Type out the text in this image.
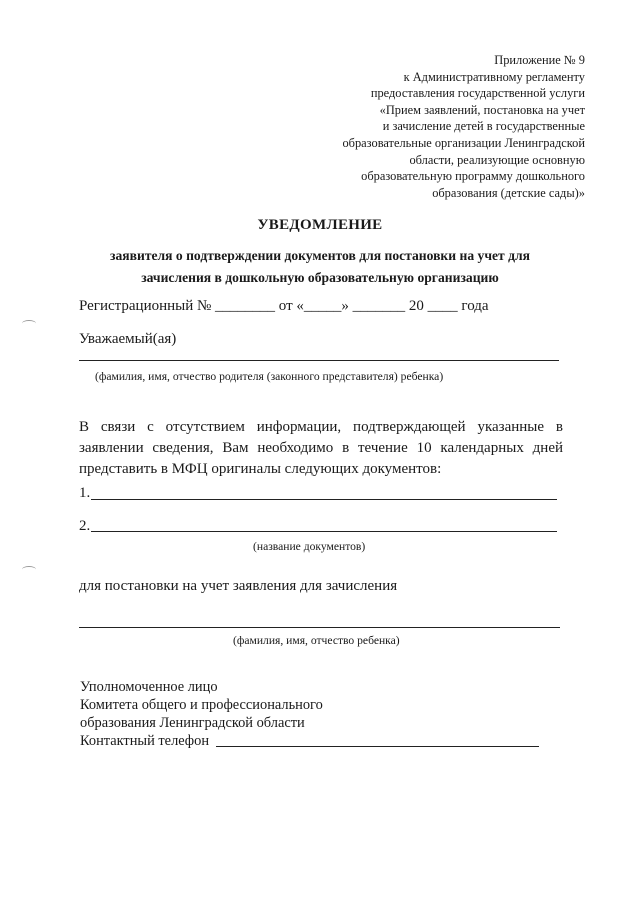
Приложение № 9
к Административному регламенту
предоставления государственной услуги
«Прием заявлений, постановка на учет
и зачисление детей в государственные
образовательные организации Ленинградской
области, реализующие основную
образовательную программу дошкольного
образования (детские сады)»
УВЕДОМЛЕНИЕ
заявителя о подтверждении документов для постановки на учет для
зачисления в дошкольную образовательную организацию
Регистрационный № ________ от «_____» _______ 20 ____ года
Уважаемый(ая)
(фамилия, имя, отчество родителя (законного представителя) ребенка)
В связи с отсутствием информации, подтверждающей указанные в заявлении сведения, Вам необходимо в течение 10 календарных дней представить в МФЦ оригиналы следующих документов:
1.
2.
(название документов)
для постановки на учет заявления для зачисления
(фамилия, имя, отчество ребенка)
Уполномоченное лицо
Комитета общего и профессионального
образования Ленинградской области
Контактный телефон
